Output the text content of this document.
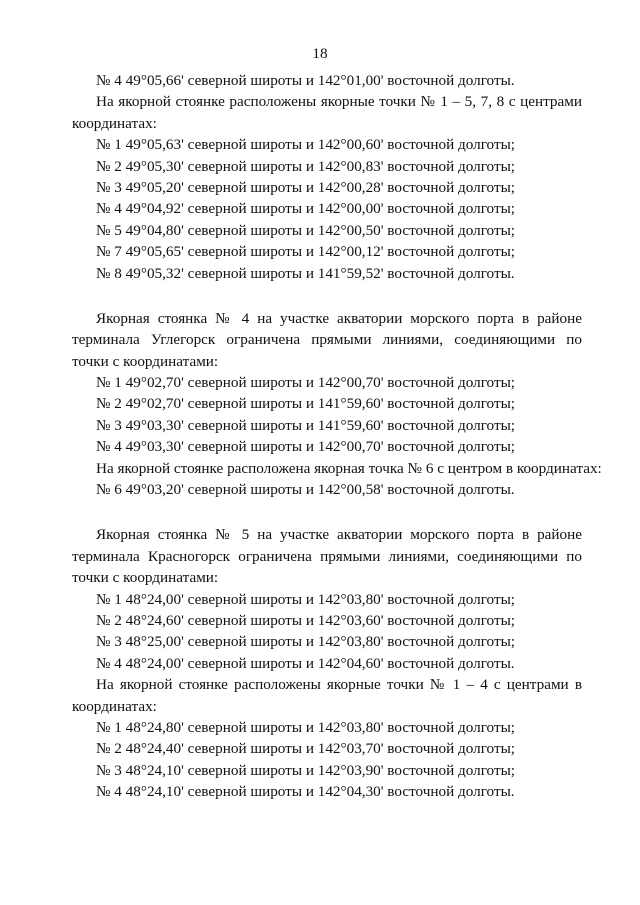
18
№ 4 49°05,66' северной широты и 142°01,00' восточной долготы.
На якорной стоянке расположены якорные точки № 1 – 5, 7, 8 с центрами
координатах:
№ 1 49°05,63' северной широты и 142°00,60' восточной долготы;
№ 2 49°05,30' северной широты и 142°00,83' восточной долготы;
№ 3 49°05,20' северной широты и 142°00,28' восточной долготы;
№ 4 49°04,92' северной широты и 142°00,00' восточной долготы;
№ 5 49°04,80' северной широты и 142°00,50' восточной долготы;
№ 7 49°05,65' северной широты и 142°00,12' восточной долготы;
№ 8 49°05,32' северной широты и 141°59,52' восточной долготы.
Якорная стоянка № 4 на участке акватории морского порта в районе
терминала Углегорск ограничена прямыми линиями, соединяющими по
точки с координатами:
№ 1 49°02,70' северной широты и 142°00,70' восточной долготы;
№ 2 49°02,70' северной широты и 141°59,60' восточной долготы;
№ 3 49°03,30' северной широты и 141°59,60' восточной долготы;
№ 4 49°03,30' северной широты и 142°00,70' восточной долготы;
На якорной стоянке расположена якорная точка № 6 с центром в координатах:
№ 6 49°03,20' северной широты и 142°00,58' восточной долготы.
Якорная стоянка № 5 на участке акватории морского порта в районе
терминала Красногорск ограничена прямыми линиями, соединяющими по
точки с координатами:
№ 1 48°24,00' северной широты и 142°03,80' восточной долготы;
№ 2 48°24,60' северной широты и 142°03,60' восточной долготы;
№ 3 48°25,00' северной широты и 142°03,80' восточной долготы;
№ 4 48°24,00' северной широты и 142°04,60' восточной долготы.
На якорной стоянке расположены якорные точки № 1 – 4 с центрами в
координатах:
№ 1 48°24,80' северной широты и 142°03,80' восточной долготы;
№ 2 48°24,40' северной широты и 142°03,70' восточной долготы;
№ 3 48°24,10' северной широты и 142°03,90' восточной долготы;
№ 4 48°24,10' северной широты и 142°04,30' восточной долготы.
